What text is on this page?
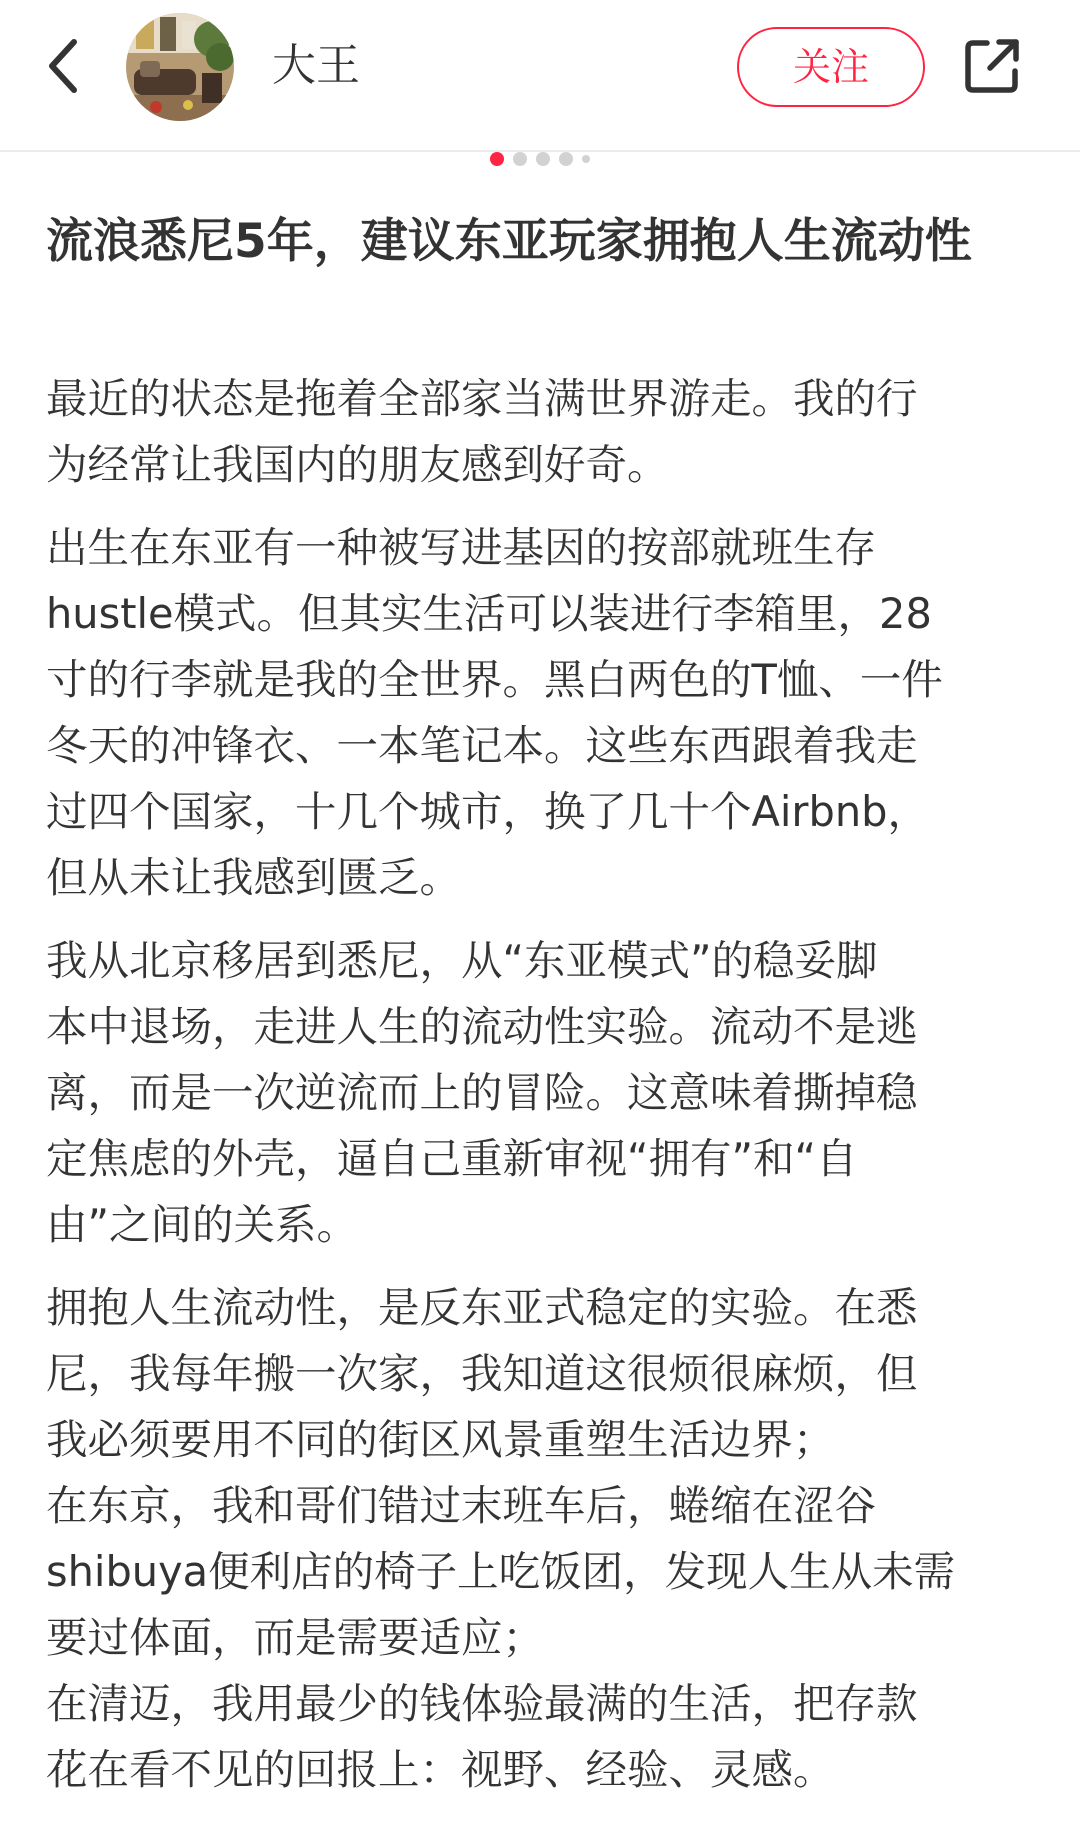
大王	关注
流浪悉尼5年，建议东亚玩家拥抱人生流动性
最近的状态是拖着全部家当满世界游走。我的行
为经常让我国内的朋友感到好奇。
出生在东亚有一种被写进基因的按部就班生存
hustle模式。但其实生活可以装进行李箱里，28
寸的行李就是我的全世界。黑白两色的T恤、一件
冬天的冲锋衣、一本笔记本。这些东西跟着我走
过四个国家，十几个城市，换了几十个Airbnb，
但从未让我感到匮乏。
我从北京移居到悉尼，从“东亚模式”的稳妥脚
本中退场，走进人生的流动性实验。流动不是逃
离，而是一次逆流而上的冒险。这意味着撕掉稳
定焦虑的外壳，逼自己重新审视“拥有”和“自
由”之间的关系。
拥抱人生流动性，是反东亚式稳定的实验。在悉
尼，我每年搬一次家，我知道这很烦很麻烦，但
我必须要用不同的街区风景重塑生活边界；
在东京，我和哥们错过末班车后，蜷缩在涩谷
shibuya便利店的椅子上吃饭团，发现人生从未需
要过体面，而是需要适应；
在清迈，我用最少的钱体验最满的生活，把存款
花在看不见的回报上：视野、经验、灵感。
